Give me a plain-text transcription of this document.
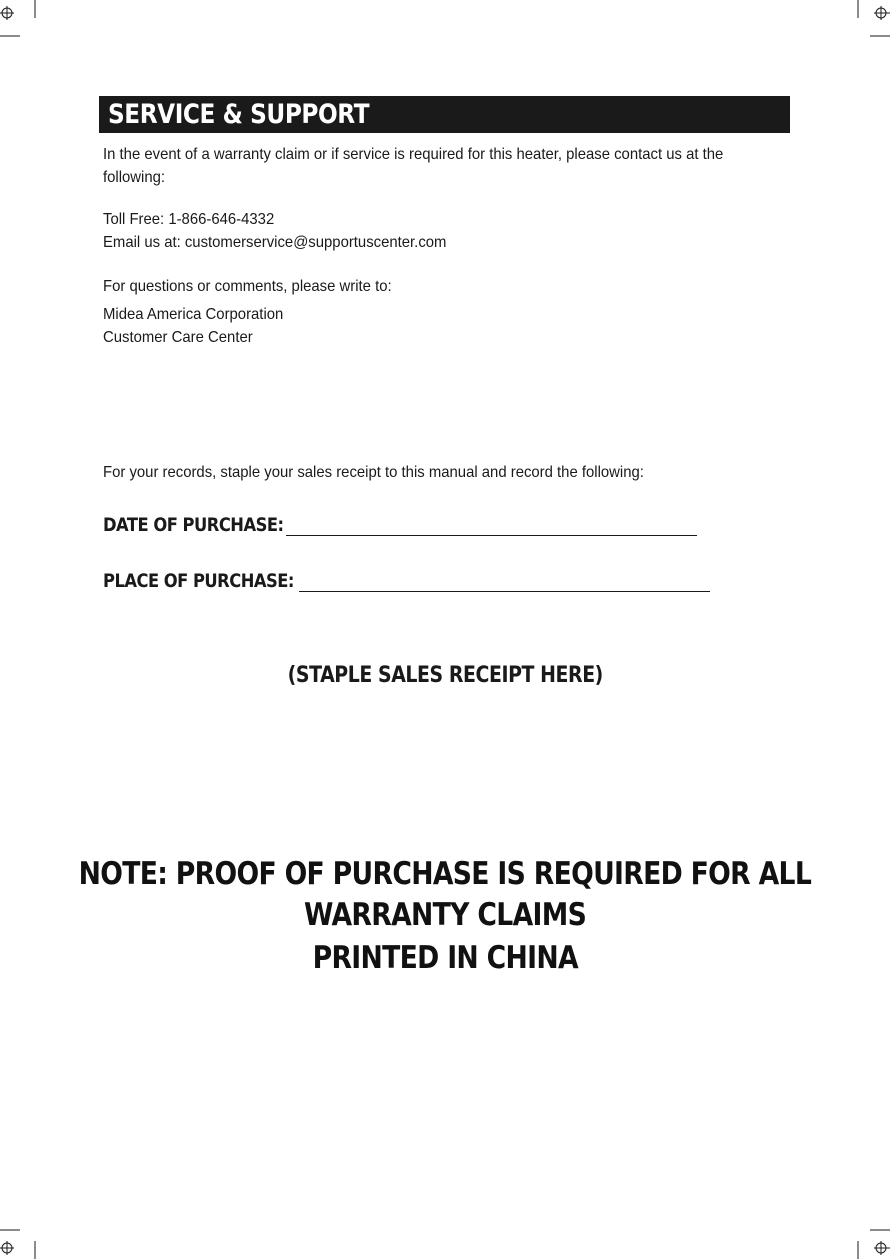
SERVICE & SUPPORT
In the event of a warranty claim or if service is required for this heater, please contact us at the following:
Toll Free: 1-866-646-4332
Email us at: customerservice@supportuscenter.com
For questions or comments, please write to:
Midea America Corporation
Customer Care Center
For your records, staple your sales receipt to this manual and record the following:
DATE OF PURCHASE:
PLACE OF PURCHASE:
(STAPLE SALES RECEIPT HERE)
NOTE: PROOF OF PURCHASE IS REQUIRED FOR ALL
WARRANTY CLAIMS
PRINTED IN CHINA
